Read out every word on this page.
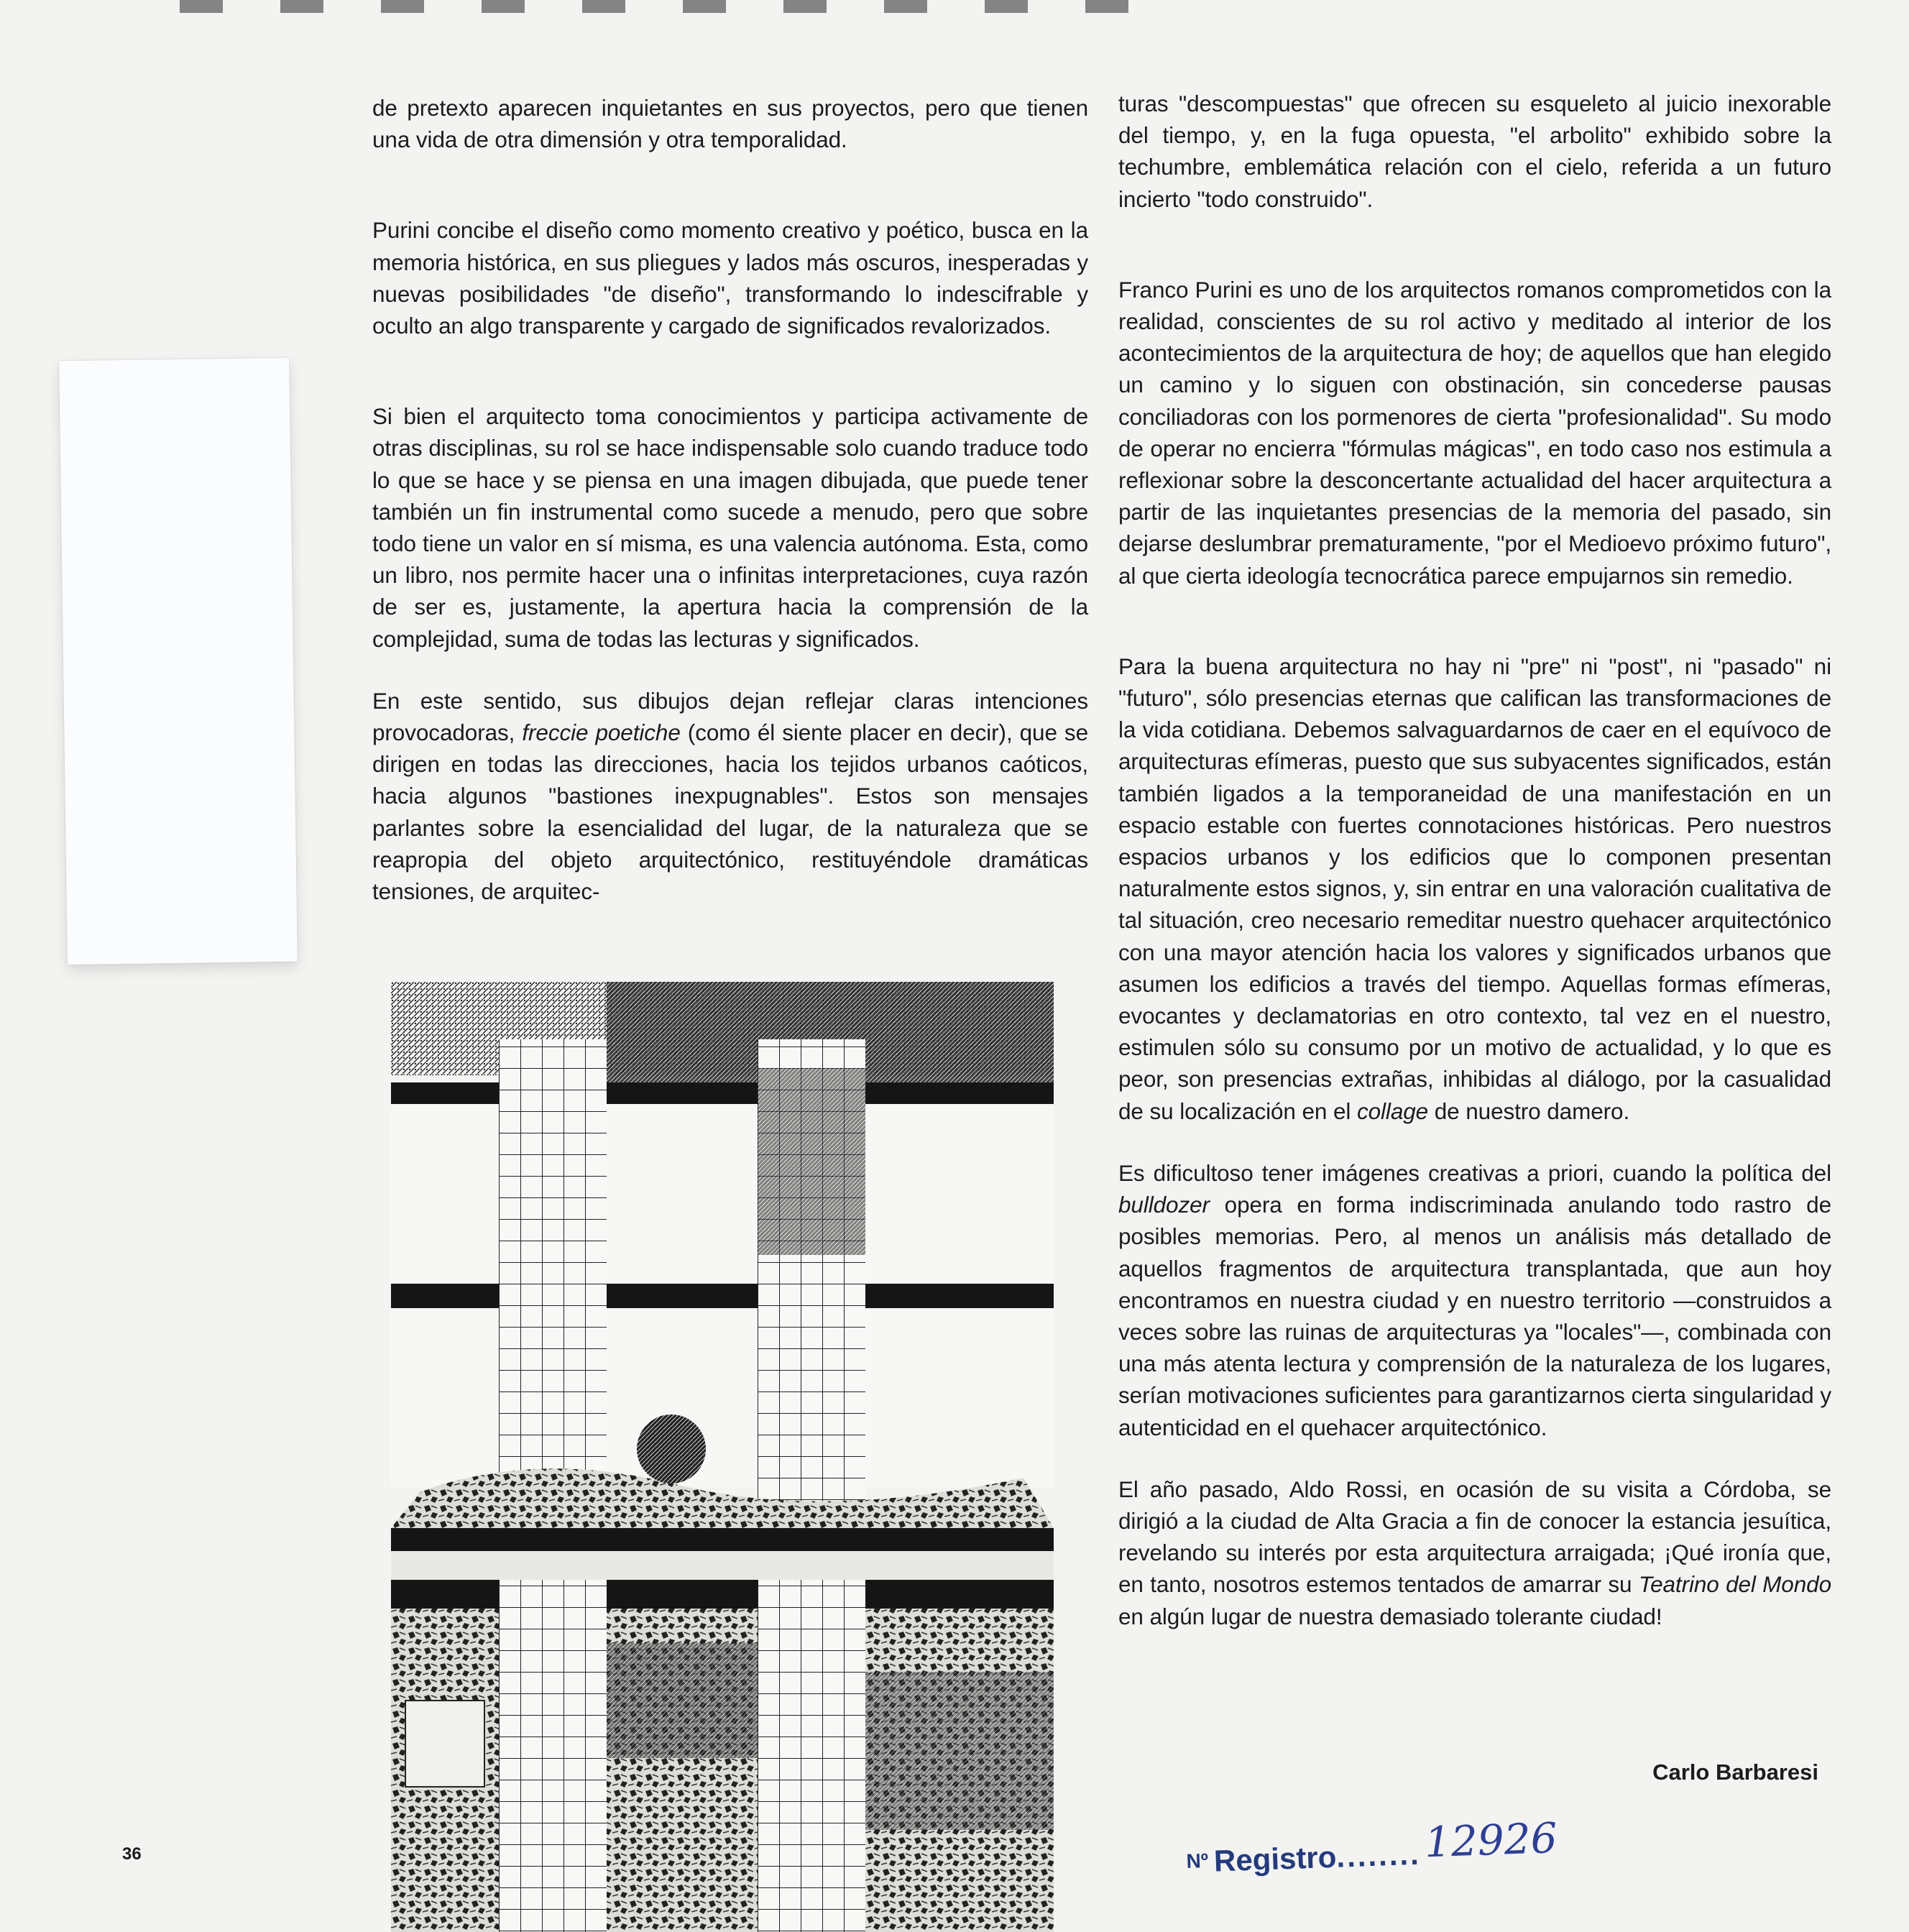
de pretexto aparecen inquietantes en sus proyectos, pero que tienen una vida de otra dimensión y otra temporalidad.

Purini concibe el diseño como momento creativo y poético, busca en la memoria histórica, en sus pliegues y lados más oscuros, inesperadas y nuevas posibilidades "de diseño", transformando lo indescifrable y oculto an algo transparente y cargado de significados revalorizados.

Si bien el arquitecto toma conocimientos y participa activamente de otras disciplinas, su rol se hace indispensable solo cuando traduce todo lo que se hace y se piensa en una imagen dibujada, que puede tener también un fin instrumental como sucede a menudo, pero que sobre todo tiene un valor en sí misma, es una valencia autónoma. Esta, como un libro, nos permite hacer una o infinitas interpretaciones, cuya razón de ser es, justamente, la apertura hacia la comprensión de la complejidad, suma de todas las lecturas y significados.

En este sentido, sus dibujos dejan reflejar claras intenciones provocadoras, freccie poetiche (como él siente placer en decir), que se dirigen en todas las direcciones, hacia los tejidos urbanos caóticos, hacia algunos "bastiones inexpugnables". Estos son mensajes parlantes sobre la esencialidad del lugar, de la naturaleza que se reapropia del objeto arquitectónico, restituyéndole dramáticas tensiones, de arquitec-

turas "descompuestas" que ofrecen su esqueleto al juicio inexorable del tiempo, y, en la fuga opuesta, "el arbolito" exhibido sobre la techumbre, emblemática relación con el cielo, referida a un futuro incierto "todo construido".

Franco Purini es uno de los arquitectos romanos comprometidos con la realidad, conscientes de su rol activo y meditado al interior de los acontecimientos de la arquitectura de hoy; de aquellos que han elegido un camino y lo siguen con obstinación, sin concederse pausas conciliadoras con los pormenores de cierta "profesionalidad". Su modo de operar no encierra "fórmulas mágicas", en todo caso nos estimula a reflexionar sobre la desconcertante actualidad del hacer arquitectura a partir de las inquietantes presencias de la memoria del pasado, sin dejarse deslumbrar prematuramente, "por el Medioevo próximo futuro", al que cierta ideología tecnocrática parece empujarnos sin remedio.

Para la buena arquitectura no hay ni "pre" ni "post", ni "pasado" ni "futuro", sólo presencias eternas que califican las transformaciones de la vida cotidiana. Debemos salvaguardarnos de caer en el equívoco de arquitecturas efímeras, puesto que sus subyacentes significados, están también ligados a la temporaneidad de una manifestación en un espacio estable con fuertes connotaciones históricas. Pero nuestros espacios urbanos y los edificios que lo componen presentan naturalmente estos signos, y, sin entrar en una valoración cualitativa de tal situación, creo necesario remeditar nuestro quehacer arquitectónico con una mayor atención hacia los valores y significados urbanos que asumen los edificios a través del tiempo. Aquellas formas efímeras, evocantes y declamatorias en otro contexto, tal vez en el nuestro, estimulen sólo su consumo por un motivo de actualidad, y lo que es peor, son presencias extrañas, inhibidas al diálogo, por la casualidad de su localización en el collage de nuestro damero.

Es dificultoso tener imágenes creativas a priori, cuando la política del bulldozer opera en forma indiscriminada anulando todo rastro de posibles memorias. Pero, al menos un análisis más detallado de aquellos fragmentos de arquitectura transplantada, que aun hoy encontramos en nuestra ciudad y en nuestro territorio —construidos a veces sobre las ruinas de arquitecturas ya "locales"—, combinada con una más atenta lectura y comprensión de la naturaleza de los lugares, serían motivaciones suficientes para garantizarnos cierta singularidad y autenticidad en el quehacer arquitectónico.

El año pasado, Aldo Rossi, en ocasión de su visita a Córdoba, se dirigió a la ciudad de Alta Gracia a fin de conocer la estancia jesuítica, revelando su interés por esta arquitectura arraigada; ¡Qué ironía que, en tanto, nosotros estemos tentados de amarrar su Teatrino del Mondo en algún lugar de nuestra demasiado tolerante ciudad!

Carlo Barbaresi
36	Nº Registro........12926
